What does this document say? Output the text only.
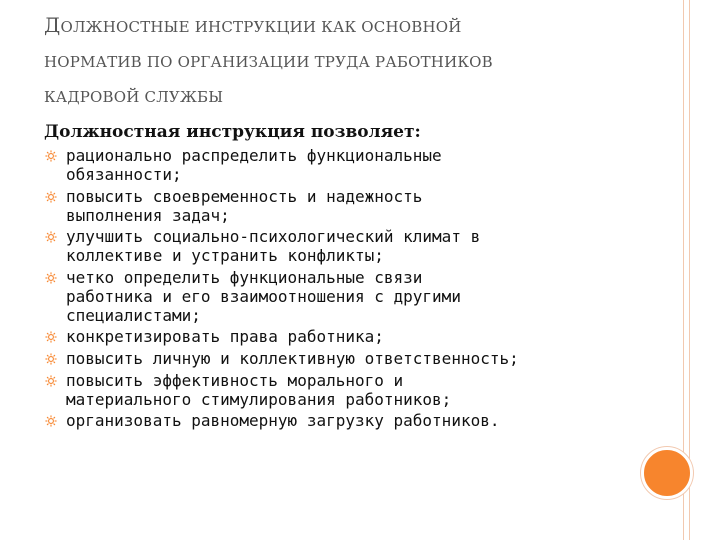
ДОЛЖНОСТНЫЕ ИНСТРУКЦИИ КАК ОСНОВНОЙ
НОРМАТИВ ПО ОРГАНИЗАЦИИ ТРУДА РАБОТНИКОВ
КАДРОВОЙ СЛУЖБЫ
Должностная инструкция позволяет:
рационально распределить функциональные
обязанности;
повысить своевременность и надежность
выполнения задач;
улучшить социально-психологический климат в
коллективе и устранить конфликты;
четко определить функциональные связи
работника и его взаимоотношения с другими
специалистами;
конкретизировать права работника;
повысить личную и коллективную ответственность;
повысить эффективность морального и
материального стимулирования работников;
организовать равномерную загрузку работников.
